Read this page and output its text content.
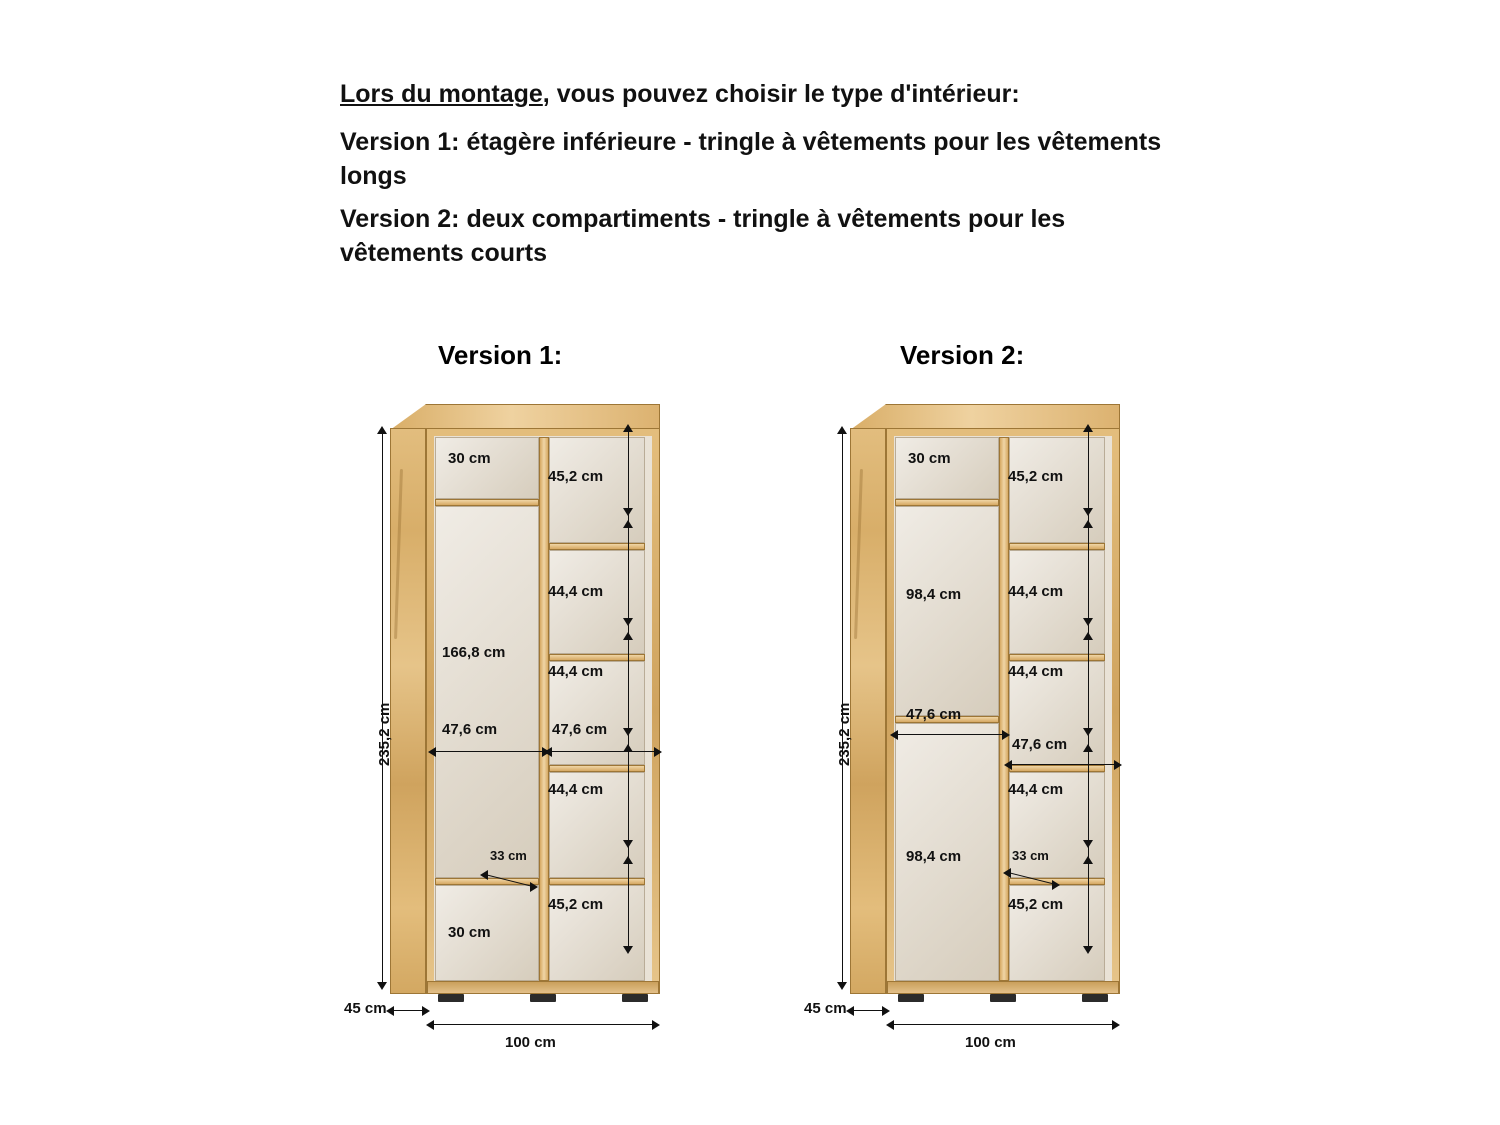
Lors du montage, vous pouvez choisir le type d'intérieur:
Version 1: étagère inférieure - tringle à vêtements pour les vêtements longs
Version 2: deux compartiments - tringle à vêtements pour les vêtements courts
Version 1:	Version 2:
235,2 cm
45 cm
100 cm
30 cm
166,8 cm
30 cm
47,6 cm	47,6 cm
33 cm
45,2 cm
44,4 cm
44,4 cm
44,4 cm
45,2 cm
235,2 cm
45 cm
100 cm
30 cm
98,4 cm
98,4 cm
47,6 cm
47,6 cm
33 cm
45,2 cm
44,4 cm
44,4 cm
44,4 cm
45,2 cm
